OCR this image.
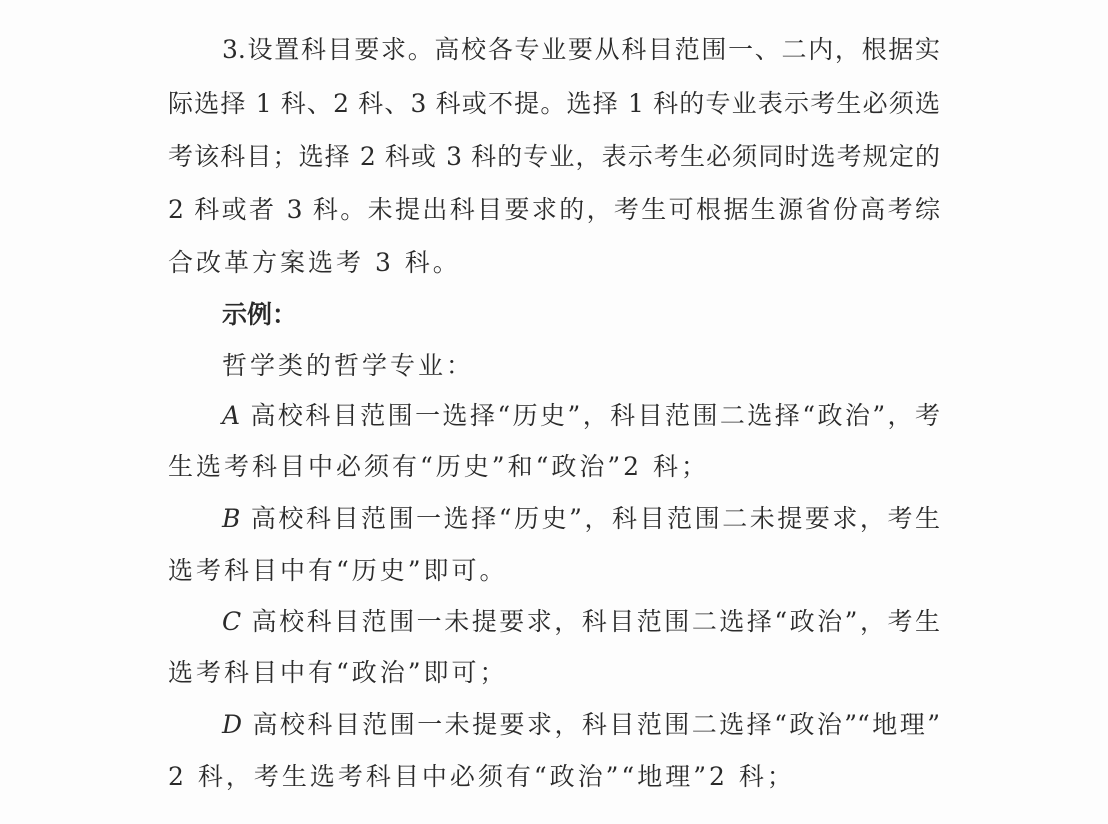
3.设置科目要求。高校各专业要从科目范围一、二内，根据实
际选择 1 科、2 科、3 科或不提。选择 1 科的专业表示考生必须选
考该科目；选择 2 科或 3 科的专业，表示考生必须同时选考规定的
2 科或者 3 科。未提出科目要求的，考生可根据生源省份高考综
合改革方案选考 3 科。
示例：
哲学类的哲学专业：
A 高校科目范围一选择“历史”，科目范围二选择“政治”，考
生选考科目中必须有“历史”和“政治”2 科；
B 高校科目范围一选择“历史”，科目范围二未提要求，考生
选考科目中有“历史”即可。
C 高校科目范围一未提要求，科目范围二选择“政治”，考生
选考科目中有“政治”即可；
D 高校科目范围一未提要求，科目范围二选择“政治”“地理”
2 科，考生选考科目中必须有“政治”“地理”2 科；
